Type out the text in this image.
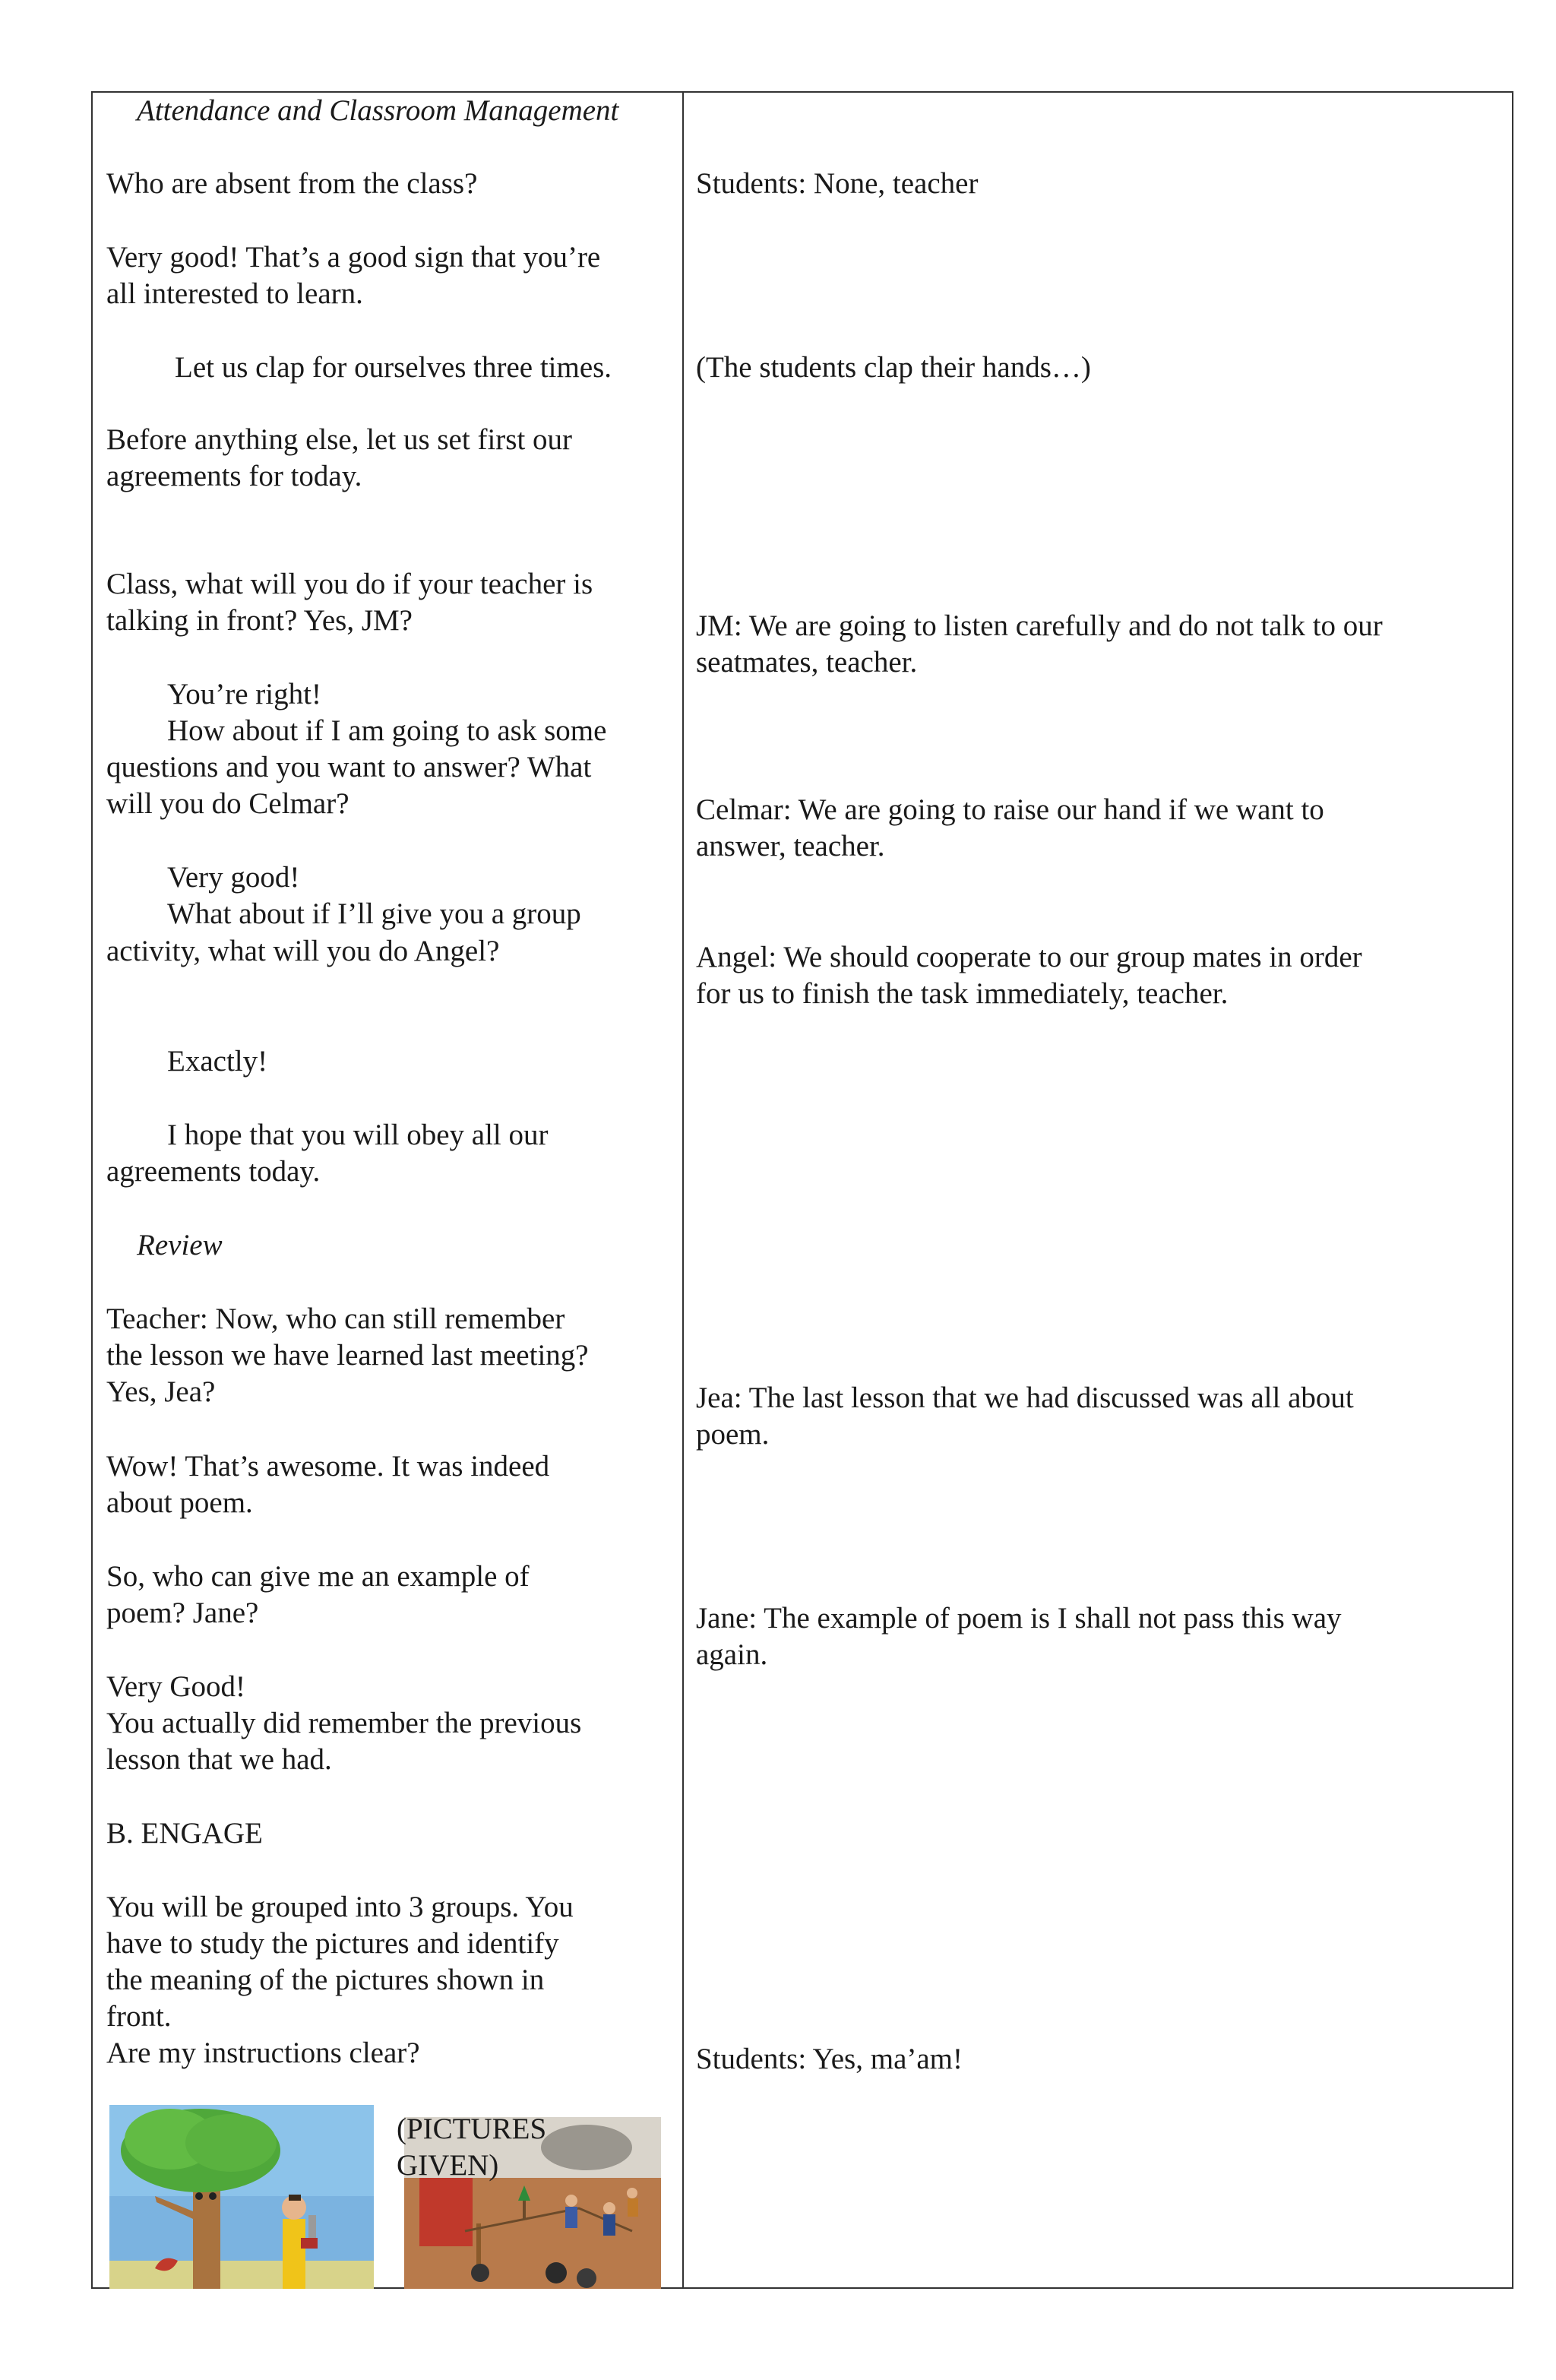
Attendance and Classroom Management
Who are absent from the class?
Very good! That’s a good sign that you’re
all interested to learn.
Let us clap for ourselves three times.
Before anything else, let us set first our
agreements for today.
Class, what will you do if your teacher is
talking in front? Yes, JM?
You’re right!
How about if I am going to ask some
questions and you want to answer? What
will you do Celmar?
Very good!
What about if I’ll give you a group
activity, what will you do Angel?
Exactly!
I hope that you will obey all our
agreements today.
Review
Teacher: Now, who can still remember
the lesson we have learned last meeting?
Yes, Jea?
Wow! That’s awesome. It was indeed
about poem.
So, who can give me an example of
poem? Jane?
Very Good!
You actually did remember the previous
lesson that we had.
B. ENGAGE
You will be grouped into 3 groups. You
have to study the pictures and identify
the meaning of the pictures shown in
front.
Are my instructions clear?
(PICTURES
GIVEN)
Students: None, teacher
(The students clap their hands…)
JM: We are going to listen carefully and do not talk to our
seatmates, teacher.
Celmar: We are going to raise our hand if we want to
answer, teacher.
Angel: We should cooperate to our group mates in order
for us to finish the task immediately, teacher.
Jea: The last lesson that we had discussed was all about
poem.
Jane: The example of poem is I shall not pass this way
again.
Students: Yes, ma’am!
